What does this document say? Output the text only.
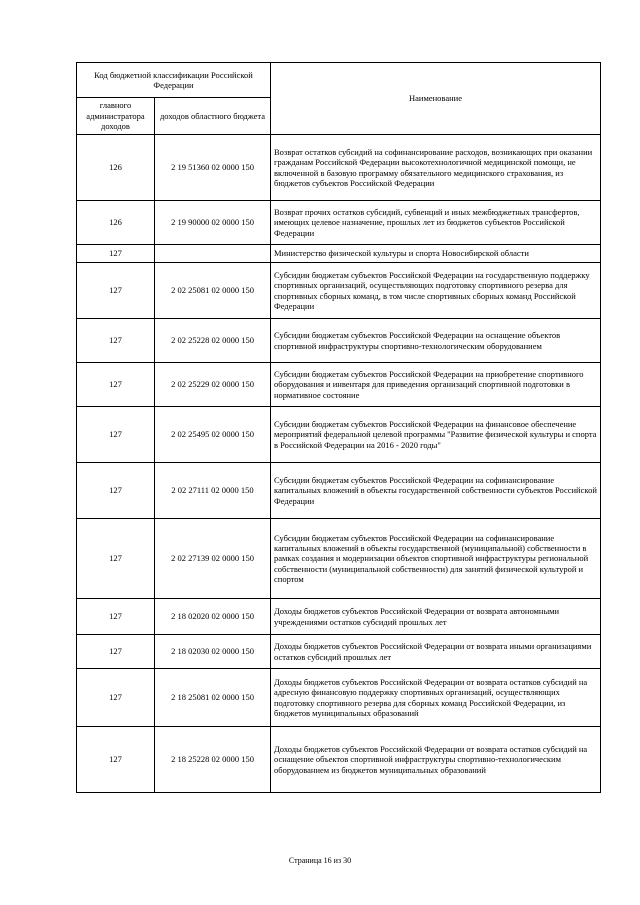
Код бюджетной классификации Российской Федерации		Наименование
главного администратора доходов	доходов областного бюджета	
126	2 19 51360 02 0000 150	Возврат остатков субсидий на софинансирование расходов, возникающих при оказании гражданам Российской Федерации высокотехнологичной медицинской помощи, не включенной в базовую программу обязательного медицинского страхования, из бюджетов субъектов Российской Федерации
126	2 19 90000 02 0000 150	Возврат прочих остатков субсидий, субвенций и иных межбюджетных трансфертов, имеющих целевое назначение, прошлых лет из бюджетов субъектов Российской Федерации
127		Министерство физической культуры и спорта Новосибирской области
127	2 02 25081 02 0000 150	Субсидии бюджетам субъектов Российской Федерации на государственную поддержку спортивных организаций, осуществляющих подготовку спортивного резерва для спортивных сборных команд, в том числе спортивных сборных команд Российской Федерации
127	2 02 25228 02 0000 150	Субсидии бюджетам субъектов Российской Федерации на оснащение объектов спортивной инфраструктуры спортивно-технологическим оборудованием
127	2 02 25229 02 0000 150	Субсидии бюджетам субъектов Российской Федерации на приобретение спортивного оборудования и инвентаря для приведения организаций спортивной подготовки в нормативное состояние
127	2 02 25495 02 0000 150	Субсидии бюджетам субъектов Российской Федерации на финансовое обеспечение мероприятий федеральной целевой программы "Развитие физической культуры и спорта в Российской Федерации на 2016 - 2020 годы"
127	2 02 27111 02 0000 150	Субсидии бюджетам субъектов Российской Федерации на софинансирование капитальных вложений в объекты государственной собственности субъектов Российской Федерации
127	2 02 27139 02 0000 150	Субсидии бюджетам субъектов Российской Федерации на софинансирование капитальных вложений в объекты государственной (муниципальной) собственности в рамках создания и модернизации объектов спортивной инфраструктуры региональной собственности (муниципальной собственности) для занятий физической культурой и спортом
127	2 18 02020 02 0000 150	Доходы бюджетов субъектов Российской Федерации от возврата автономными учреждениями остатков субсидий прошлых лет
127	2 18 02030 02 0000 150	Доходы бюджетов субъектов Российской Федерации от возврата иными организациями остатков субсидий прошлых лет
127	2 18 25081 02 0000 150	Доходы бюджетов субъектов Российской Федерации от возврата остатков субсидий на адресную финансовую поддержку спортивных организаций, осуществляющих подготовку спортивного резерва для сборных команд Российской Федерации, из бюджетов муниципальных образований
127	2 18 25228 02 0000 150	Доходы бюджетов субъектов Российской Федерации от возврата остатков субсидий на оснащение объектов спортивной инфраструктуры спортивно-технологическим оборудованием из бюджетов муниципальных образований
Страница 16 из 30
